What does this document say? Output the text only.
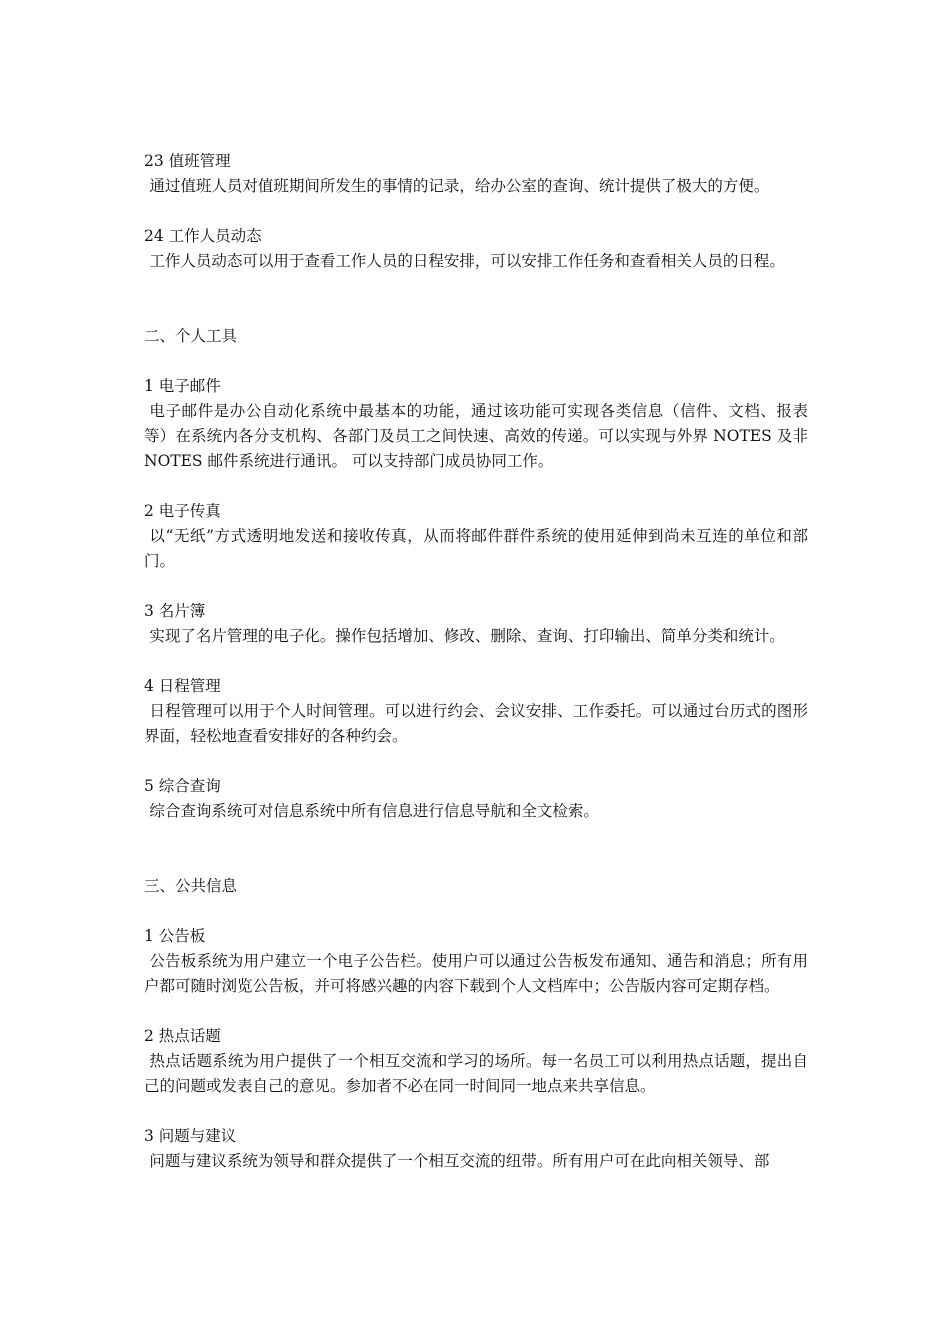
23 值班管理

通过值班人员对值班期间所发生的事情的记录，给办公室的查询、统计提供了极大的方便。

24 工作人员动态

工作人员动态可以用于查看工作人员的日程安排，可以安排工作任务和查看相关人员的日程。

二、个人工具

1 电子邮件

电子邮件是办公自动化系统中最基本的功能，通过该功能可实现各类信息（信件、文档、报表等）在系统内各分支机构、各部门及员工之间快速、高效的传递。可以实现与外界 NOTES 及非 NOTES 邮件系统进行通讯。 可以支持部门成员协同工作。

2 电子传真

以“无纸”方式透明地发送和接收传真，从而将邮件群件系统的使用延伸到尚未互连的单位和部门。

3 名片簿

实现了名片管理的电子化。操作包括增加、修改、删除、查询、打印输出、简单分类和统计。

4 日程管理

日程管理可以用于个人时间管理。可以进行约会、会议安排、工作委托。可以通过台历式的图形界面，轻松地查看安排好的各种约会。

5 综合查询

综合查询系统可对信息系统中所有信息进行信息导航和全文检索。

三、公共信息

1 公告板

公告板系统为用户建立一个电子公告栏。使用户可以通过公告板发布通知、通告和消息；所有用户都可随时浏览公告板，并可将感兴趣的内容下载到个人文档库中；公告版内容可定期存档。

2 热点话题

热点话题系统为用户提供了一个相互交流和学习的场所。每一名员工可以利用热点话题，提出自己的问题或发表自己的意见。参加者不必在同一时间同一地点来共享信息。

3 问题与建议

问题与建议系统为领导和群众提供了一个相互交流的纽带。所有用户可在此向相关领导、部
